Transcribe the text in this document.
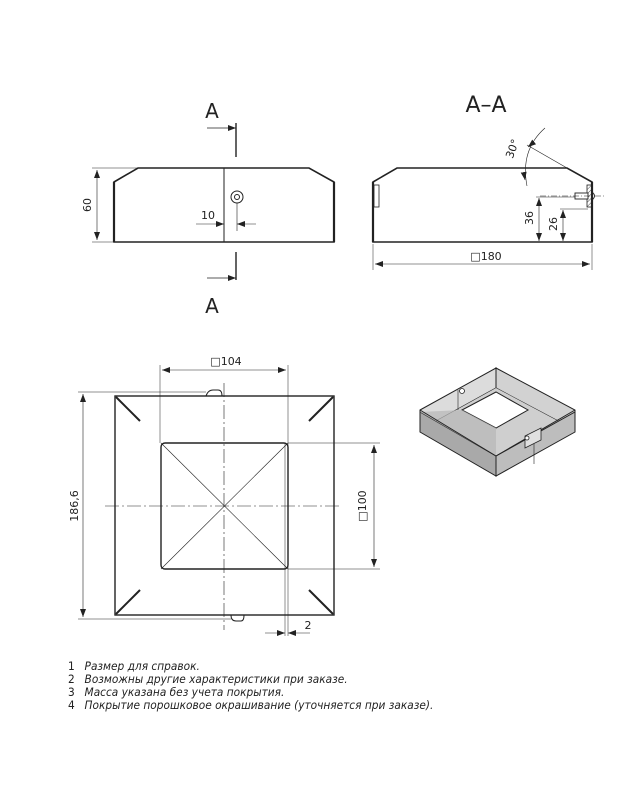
A
A
60
10
A–A
30°
36 26
□180
□104
□100
186,6
2
1 Размер для справок.
2 Возможны другие характеристики при заказе.
3 Масса указана без учета покрытия.
4 Покрытие порошковое окрашивание (уточняется при заказе).
